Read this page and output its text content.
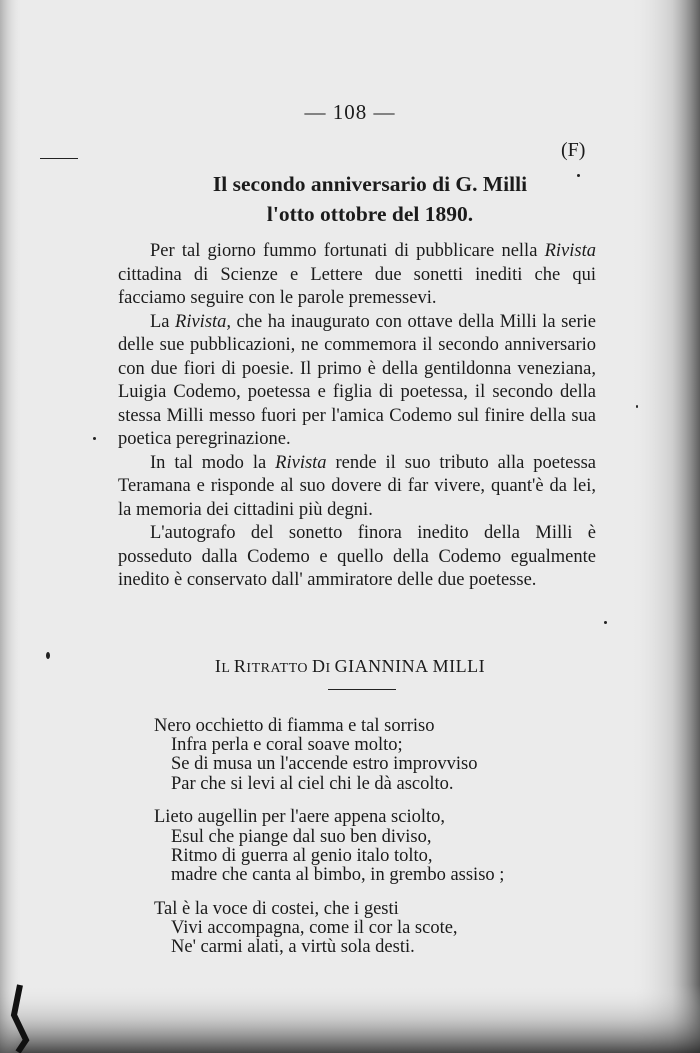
— 108 —
(F)
Il secondo anniversario di G. Milli
l'otto ottobre del 1890.

Per tal giorno fummo fortunati di pubblicare nella Rivista cittadina di Scienze e Lettere due sonetti inediti che qui facciamo seguire con le parole premessevi.

La Rivista, che ha inaugurato con ottave della Milli la serie delle sue pubblicazioni, ne commemora il secondo anniversario con due fiori di poesie. Il primo è della gentildonna veneziana, Luigia Codemo, poetessa e figlia di poetessa, il secondo della stessa Milli messo fuori per l'amica Codemo sul finire della sua poetica peregrinazione.

In tal modo la Rivista rende il suo tributo alla poetessa Teramana e risponde al suo dovere di far vivere, quant'è da lei, la memoria dei cittadini più degni.

L'autografo del sonetto finora inedito della Milli è posseduto dalla Codemo e quello della Codemo egualmente inedito è conservato dall' ammiratore delle due poetesse.

IL RITRATTO DI GIANNINA MILLI
Nero occhietto di fiamma e tal sorriso
Infra perla e coral soave molto;
Se di musa un l'accende estro improvviso
Par che si levi al ciel chi le dà ascolto.
Lieto augellin per l'aere appena sciolto,
Esul che piange dal suo ben diviso,
Ritmo di guerra al genio italo tolto,
madre che canta al bimbo, in grembo assiso ;
Tal è la voce di costei, che i gesti
Vivi accompagna, come il cor la scote,
Ne' carmi alati, a virtù sola desti.
